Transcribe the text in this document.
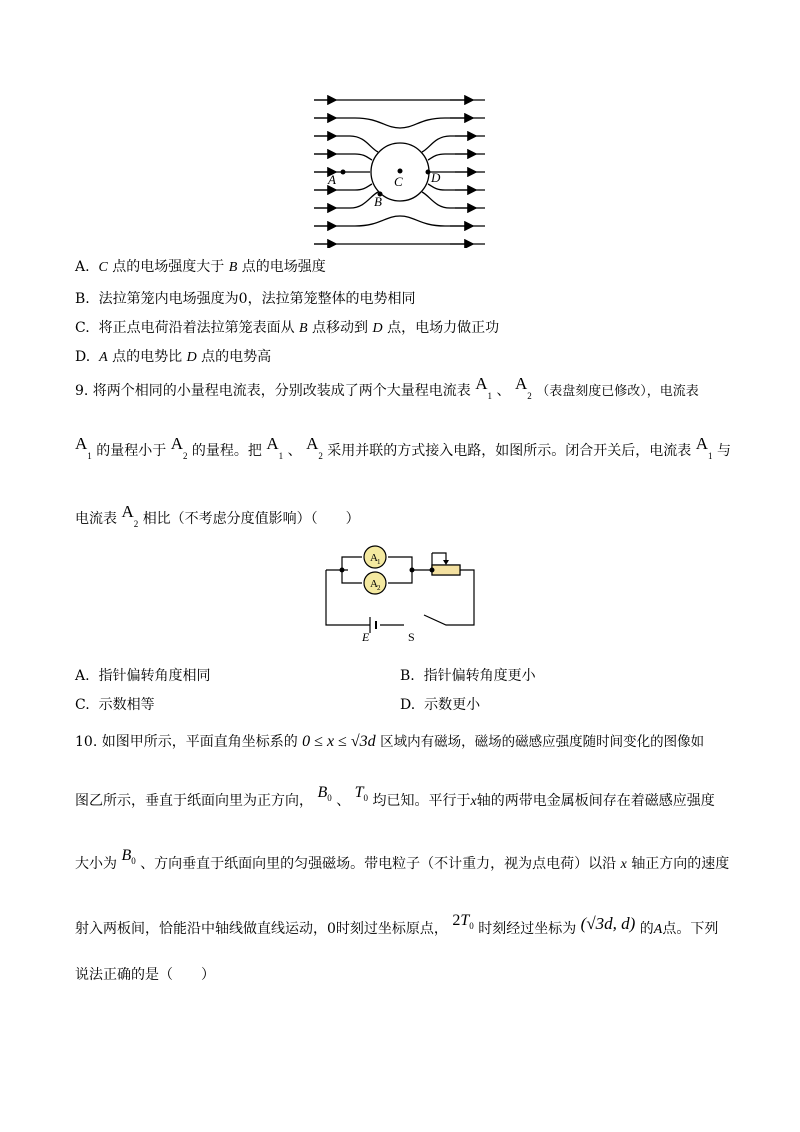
A	C D
B
A. C 点的电场强度大于 B 点的电场强度
B. 法拉第笼内电场强度为0，法拉第笼整体的电势相同
C. 将正点电荷沿着法拉第笼表面从 B 点移动到 D 点，电场力做正功
D. A 点的电势比 D 点的电势高
9. 将两个相同的小量程电流表，分别改装成了两个大量程电流表 $A_1$ 、 $A_2$ （表盘刻度已修改），电流表
$A_1$ 的量程小于 $A_2$ 的量程。把 $A_1$ 、 $A_2$ 采用并联的方式接入电路，如图所示。闭合开关后，电流表 $A_1$ 与
电流表 $A_2$ 相比（不考虑分度值影响）（　　）
A 1
A 2
E	S
A. 指针偏转角度相同	B. 指针偏转角度更小
C. 示数相等	D. 示数更小
10. 如图甲所示，平面直角坐标系的 0 ≤ x ≤ √3d 区域内有磁场，磁场的磁感应强度随时间变化的图像如
图乙所示，垂直于纸面向里为正方向， $B_0$ 、 $T_0$ 均已知。平行于x轴的两带电金属板间存在着磁感应强度
大小为 $B_0$ 、方向垂直于纸面向里的匀强磁场。带电粒子（不计重力，视为点电荷）以沿 x 轴正方向的速度
射入两板间，恰能沿中轴线做直线运动，0时刻过坐标原点， $2T_0$ 时刻经过坐标为 (√3d, d) 的A点。下列
说法正确的是（　　）
